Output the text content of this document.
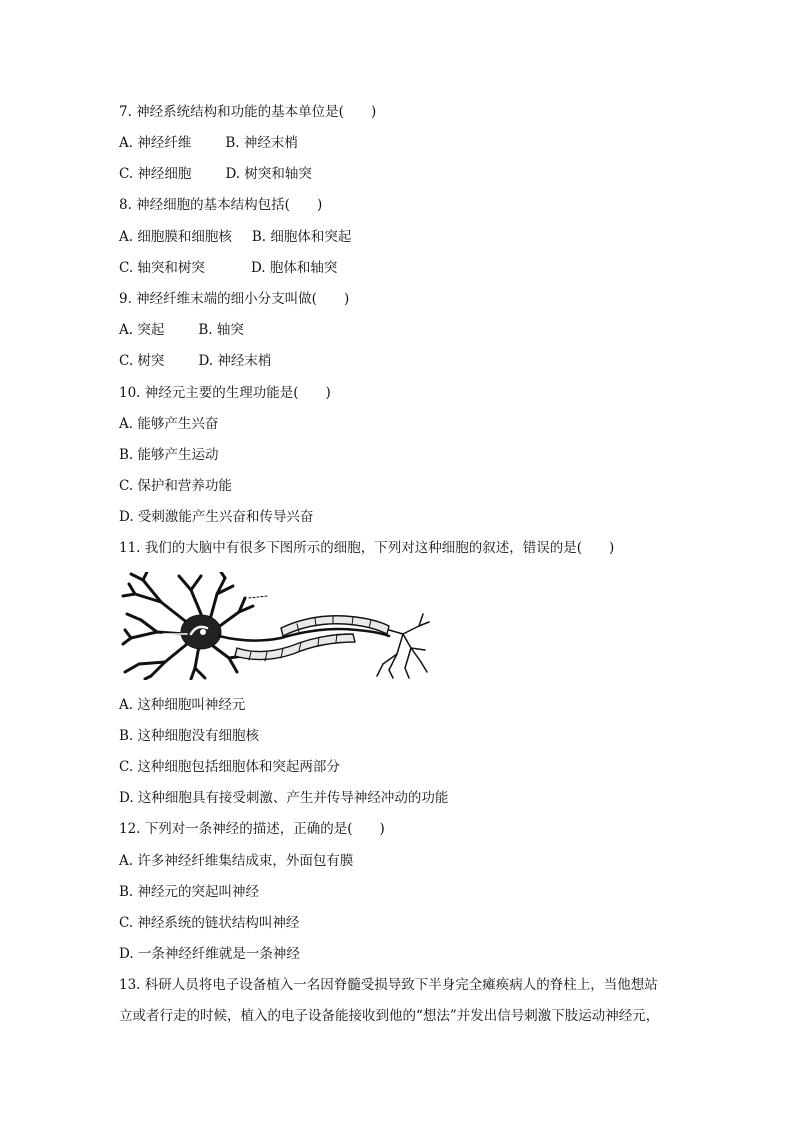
7. 神经系统结构和功能的基本单位是(　　)
A. 神经纤维	B. 神经末梢
C. 神经细胞	D. 树突和轴突
8. 神经细胞的基本结构包括(　　)
A. 细胞膜和细胞核 B. 细胞体和突起
C. 轴突和树突	D. 胞体和轴突
9. 神经纤维末端的细小分支叫做(　　)
A. 突起	B. 轴突
C. 树突	D. 神经末梢
10. 神经元主要的生理功能是(　　)
A. 能够产生兴奋
B. 能够产生运动
C. 保护和营养功能
D. 受刺激能产生兴奋和传导兴奋
11. 我们的大脑中有很多下图所示的细胞，下列对这种细胞的叙述，错误的是(　　)
A. 这种细胞叫神经元
B. 这种细胞没有细胞核
C. 这种细胞包括细胞体和突起两部分
D. 这种细胞具有接受刺激、产生并传导神经冲动的功能
12. 下列对一条神经的描述，正确的是(　　)
A. 许多神经纤维集结成束，外面包有膜
B. 神经元的突起叫神经
C. 神经系统的链状结构叫神经
D. 一条神经纤维就是一条神经
13. 科研人员将电子设备植入一名因脊髓受损导致下半身完全瘫痪病人的脊柱上，当他想站
立或者行走的时候，植入的电子设备能接收到他的“想法”并发出信号刺激下肢运动神经元，
